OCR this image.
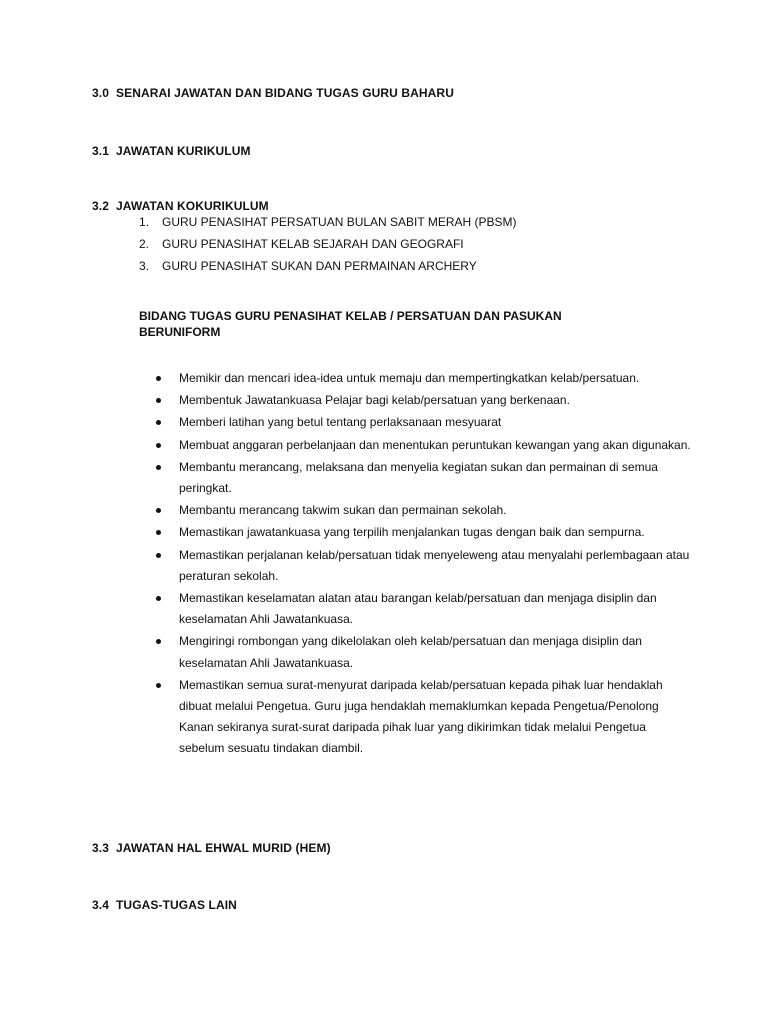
3.0 SENARAI JAWATAN DAN BIDANG TUGAS GURU BAHARU
3.1 JAWATAN KURIKULUM
3.2 JAWATAN KOKURIKULUM
1. GURU PENASIHAT PERSATUAN BULAN SABIT MERAH (PBSM)
2. GURU PENASIHAT KELAB SEJARAH DAN GEOGRAFI
3. GURU PENASIHAT SUKAN DAN PERMAINAN ARCHERY
BIDANG TUGAS GURU PENASIHAT KELAB / PERSATUAN DAN PASUKAN BERUNIFORM
Memikir dan mencari idea-idea untuk memaju dan mempertingkatkan kelab/persatuan.
Membentuk Jawatankuasa Pelajar bagi kelab/persatuan yang berkenaan.
Memberi latihan yang betul tentang perlaksanaan mesyuarat
Membuat anggaran perbelanjaan dan menentukan peruntukan kewangan yang akan digunakan.
Membantu merancang, melaksana dan menyelia kegiatan sukan dan permainan di semua peringkat.
Membantu merancang takwim sukan dan permainan sekolah.
Memastikan jawatankuasa yang terpilih menjalankan tugas dengan baik dan sempurna.
Memastikan perjalanan kelab/persatuan tidak menyeleweng atau menyalahi perlembagaan atau peraturan sekolah.
Memastikan keselamatan alatan atau barangan kelab/persatuan dan menjaga disiplin dan keselamatan Ahli Jawatankuasa.
Mengiringi rombongan yang dikelolakan oleh kelab/persatuan dan menjaga disiplin dan keselamatan Ahli Jawatankuasa.
Memastikan semua surat-menyurat daripada kelab/persatuan kepada pihak luar hendaklah dibuat melalui Pengetua. Guru juga hendaklah memaklumkan kepada Pengetua/Penolong Kanan sekiranya surat-surat daripada pihak luar yang dikirimkan tidak melalui Pengetua sebelum sesuatu tindakan diambil.
3.3 JAWATAN HAL EHWAL MURID (HEM)
3.4 TUGAS-TUGAS LAIN
